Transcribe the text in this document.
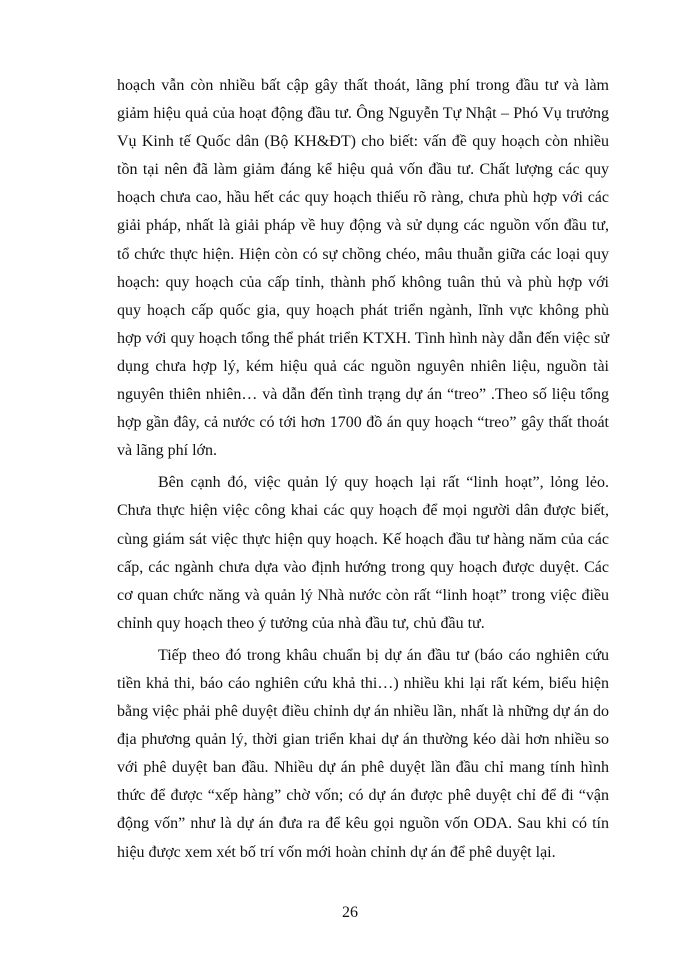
hoạch vẫn còn nhiều bất cập gây thất thoát, lãng phí trong đầu tư và làm giảm hiệu quả của hoạt động đầu tư. Ông Nguyễn Tự Nhật – Phó Vụ trưởng Vụ Kinh tế Quốc dân (Bộ KH&ĐT) cho biết: vấn đề quy hoạch còn nhiều tồn tại nên đã làm giảm đáng kể hiệu quả vốn đầu tư. Chất lượng các quy hoạch chưa cao, hầu hết các quy hoạch thiếu rõ ràng, chưa phù hợp với các giải pháp, nhất là giải pháp về huy động và sử dụng các nguồn vốn đầu tư, tổ chức thực hiện. Hiện còn có sự chồng chéo, mâu thuẫn giữa các loại quy hoạch: quy hoạch của cấp tỉnh, thành phố không tuân thủ và phù hợp với quy hoạch cấp quốc gia, quy hoạch phát triển ngành, lĩnh vực không phù hợp với quy hoạch tổng thể phát triển KTXH. Tình hình này dẫn đến việc sử dụng chưa hợp lý, kém hiệu quả các nguồn nguyên nhiên liệu, nguồn tài nguyên thiên nhiên… và dẫn đến tình trạng dự án “treo” .Theo số liệu tổng hợp gần đây, cả nước có tới hơn 1700 đồ án quy hoạch “treo” gây thất thoát và lãng phí lớn.

Bên cạnh đó, việc quản lý quy hoạch lại rất “linh hoạt”, lỏng lẻo. Chưa thực hiện việc công khai các quy hoạch để mọi người dân được biết, cùng giám sát việc thực hiện quy hoạch. Kế hoạch đầu tư hàng năm của các cấp, các ngành chưa dựa vào định hướng trong quy hoạch được duyệt. Các cơ quan chức năng và quản lý Nhà nước còn rất “linh hoạt” trong việc điều chỉnh quy hoạch theo ý tưởng của nhà đầu tư, chủ đầu tư.

Tiếp theo đó trong khâu chuẩn bị dự án đầu tư (báo cáo nghiên cứu tiền khả thi, báo cáo nghiên cứu khả thi…) nhiều khi lại rất kém, biểu hiện bằng việc phải phê duyệt điều chỉnh dự án nhiều lần, nhất là những dự án do địa phương quản lý, thời gian triển khai dự án thường kéo dài hơn nhiều so với phê duyệt ban đầu. Nhiều dự án phê duyệt lần đầu chỉ mang tính hình thức để được “xếp hàng” chờ vốn; có dự án được phê duyệt chỉ để đi “vận động vốn” như là dự án đưa ra để kêu gọi nguồn vốn ODA. Sau khi có tín hiệu được xem xét bố trí vốn mới hoàn chỉnh dự án để phê duyệt lại.

26
